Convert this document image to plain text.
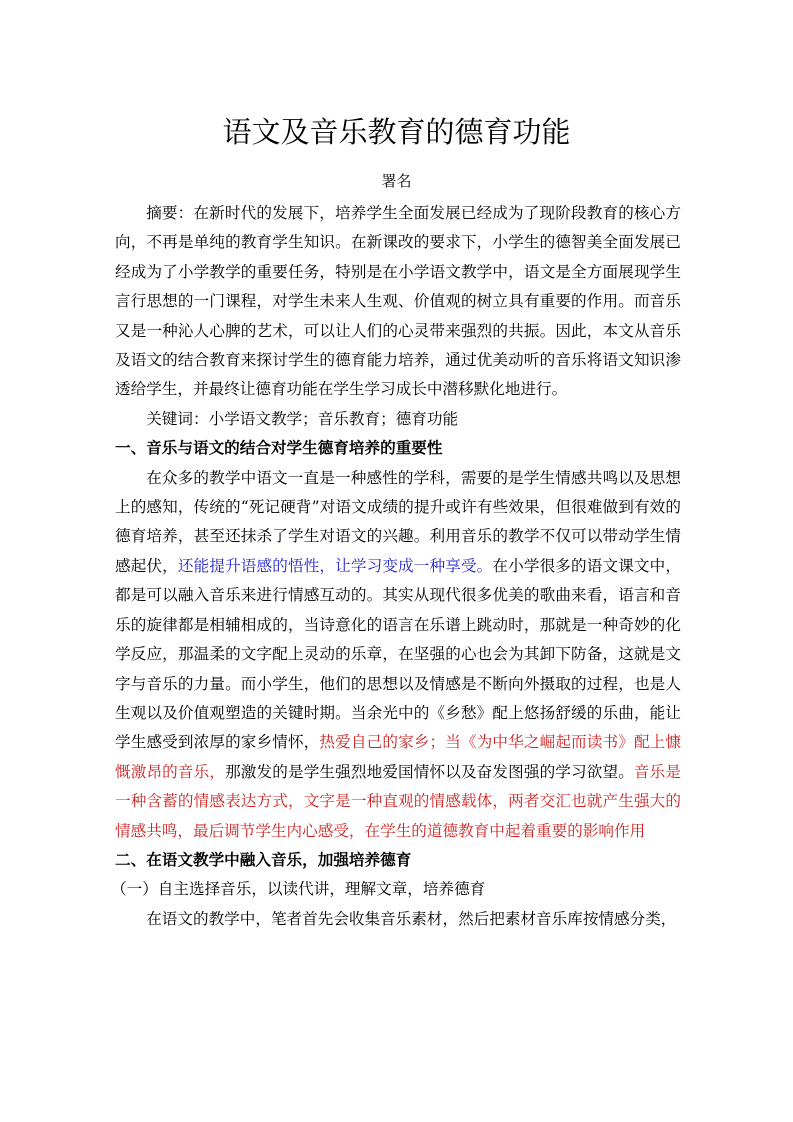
语文及音乐教育的德育功能
署名

摘要：在新时代的发展下，培养学生全面发展已经成为了现阶段教育的核心方向，不再是单纯的教育学生知识。在新课改的要求下，小学生的德智美全面发展已经成为了小学教学的重要任务，特别是在小学语文教学中，语文是全方面展现学生言行思想的一门课程，对学生未来人生观、价值观的树立具有重要的作用。而音乐又是一种沁人心脾的艺术，可以让人们的心灵带来强烈的共振。因此，本文从音乐及语文的结合教育来探讨学生的德育能力培养，通过优美动听的音乐将语文知识渗透给学生，并最终让德育功能在学生学习成长中潜移默化地进行。

关键词：小学语文教学；音乐教育；德育功能

一、音乐与语文的结合对学生德育培养的重要性

在众多的教学中语文一直是一种感性的学科，需要的是学生情感共鸣以及思想上的感知，传统的“死记硬背”对语文成绩的提升或许有些效果，但很难做到有效的德育培养，甚至还抹杀了学生对语文的兴趣。利用音乐的教学不仅可以带动学生情感起伏，还能提升语感的悟性，让学习变成一种享受。在小学很多的语文课文中，都是可以融入音乐来进行情感互动的。其实从现代很多优美的歌曲来看，语言和音乐的旋律都是相辅相成的，当诗意化的语言在乐谱上跳动时，那就是一种奇妙的化学反应，那温柔的文字配上灵动的乐章，在坚强的心也会为其卸下防备，这就是文字与音乐的力量。而小学生，他们的思想以及情感是不断向外摄取的过程，也是人生观以及价值观塑造的关键时期。当余光中的《乡愁》配上悠扬舒缓的乐曲，能让学生感受到浓厚的家乡情怀，热爱自己的家乡；当《为中华之崛起而读书》配上慷慨激昂的音乐，那激发的是学生强烈地爱国情怀以及奋发图强的学习欲望。音乐是一种含蓄的情感表达方式，文字是一种直观的情感载体，两者交汇也就产生强大的情感共鸣，最后调节学生内心感受，在学生的道德教育中起着重要的影响作用

二、在语文教学中融入音乐，加强培养德育

（一）自主选择音乐，以读代讲，理解文章，培养德育

在语文的教学中，笔者首先会收集音乐素材，然后把素材音乐库按情感分类，
